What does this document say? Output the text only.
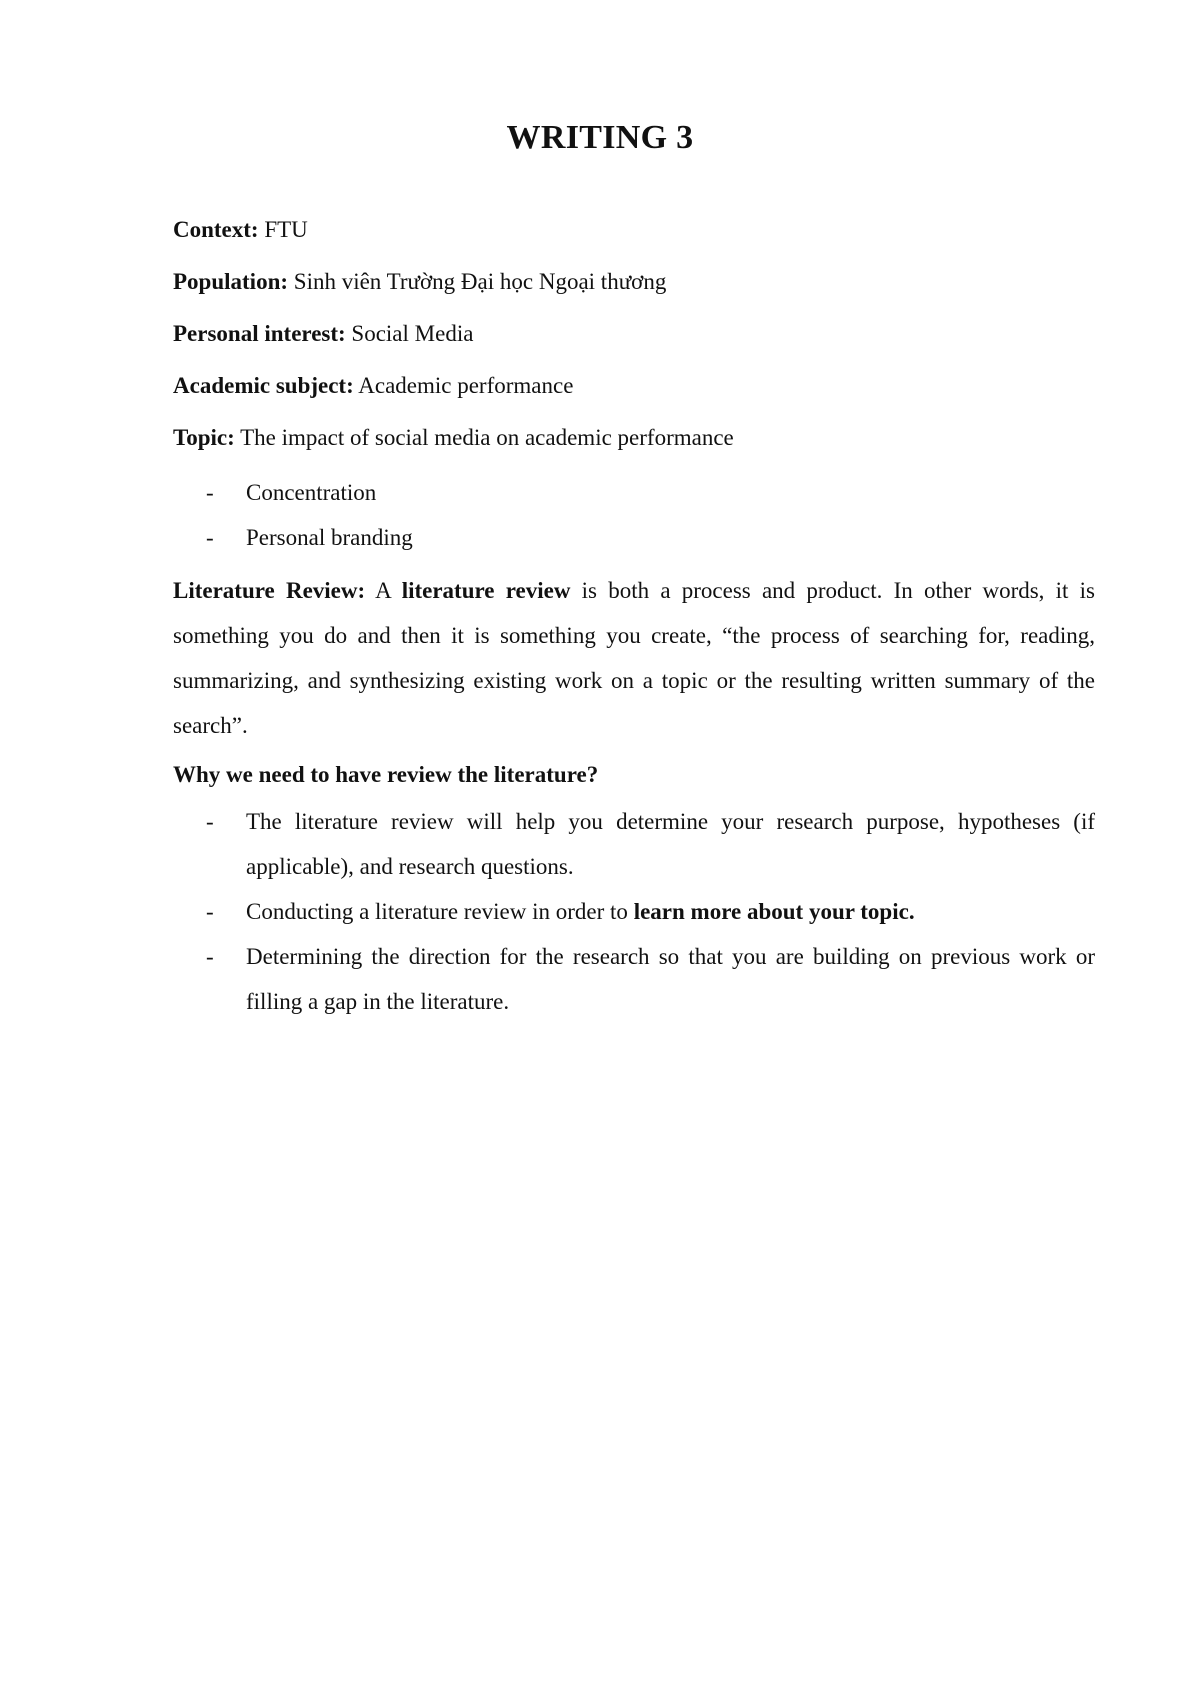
WRITING 3
Context: FTU
Population: Sinh viên Trường Đại học Ngoại thương
Personal interest: Social Media
Academic subject: Academic performance
Topic: The impact of social media on academic performance
- Concentration
- Personal branding
Literature Review: A literature review is both a process and product. In other words, it is something you do and then it is something you create, “the process of searching for, reading, summarizing, and synthesizing existing work on a topic or the resulting written summary of the search”.
Why we need to have review the literature?
- The literature review will help you determine your research purpose, hypotheses (if applicable), and research questions.
- Conducting a literature review in order to learn more about your topic.
- Determining the direction for the research so that you are building on previous work or filling a gap in the literature.
